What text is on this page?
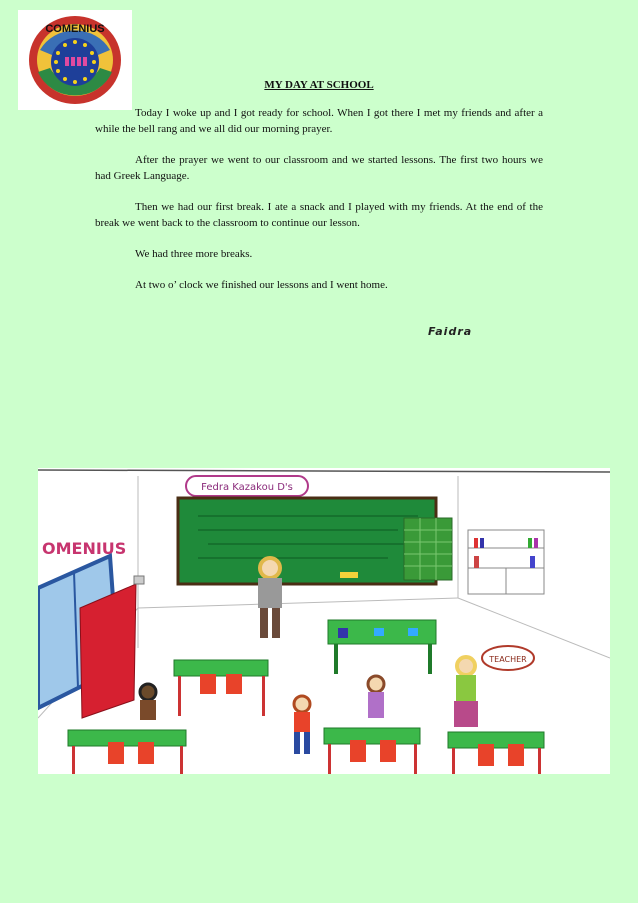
COMENIUS
MY DAY AT SCHOOL

Today I woke up and I got ready for school. When I got there I met my friends and after a while the bell rang and we all did our morning prayer.

After the prayer we went to our classroom and we started lessons. The first two hours we had Greek Language.

Then we had our first break. I ate a snack and I played with my friends. At the end of the break we went back to the classroom to continue our lesson.

We had three more breaks.

At two o’ clock we finished our lessons and I went home.

Faidra
Fedra Kazakou D's
OMENIUS
TEACHER
